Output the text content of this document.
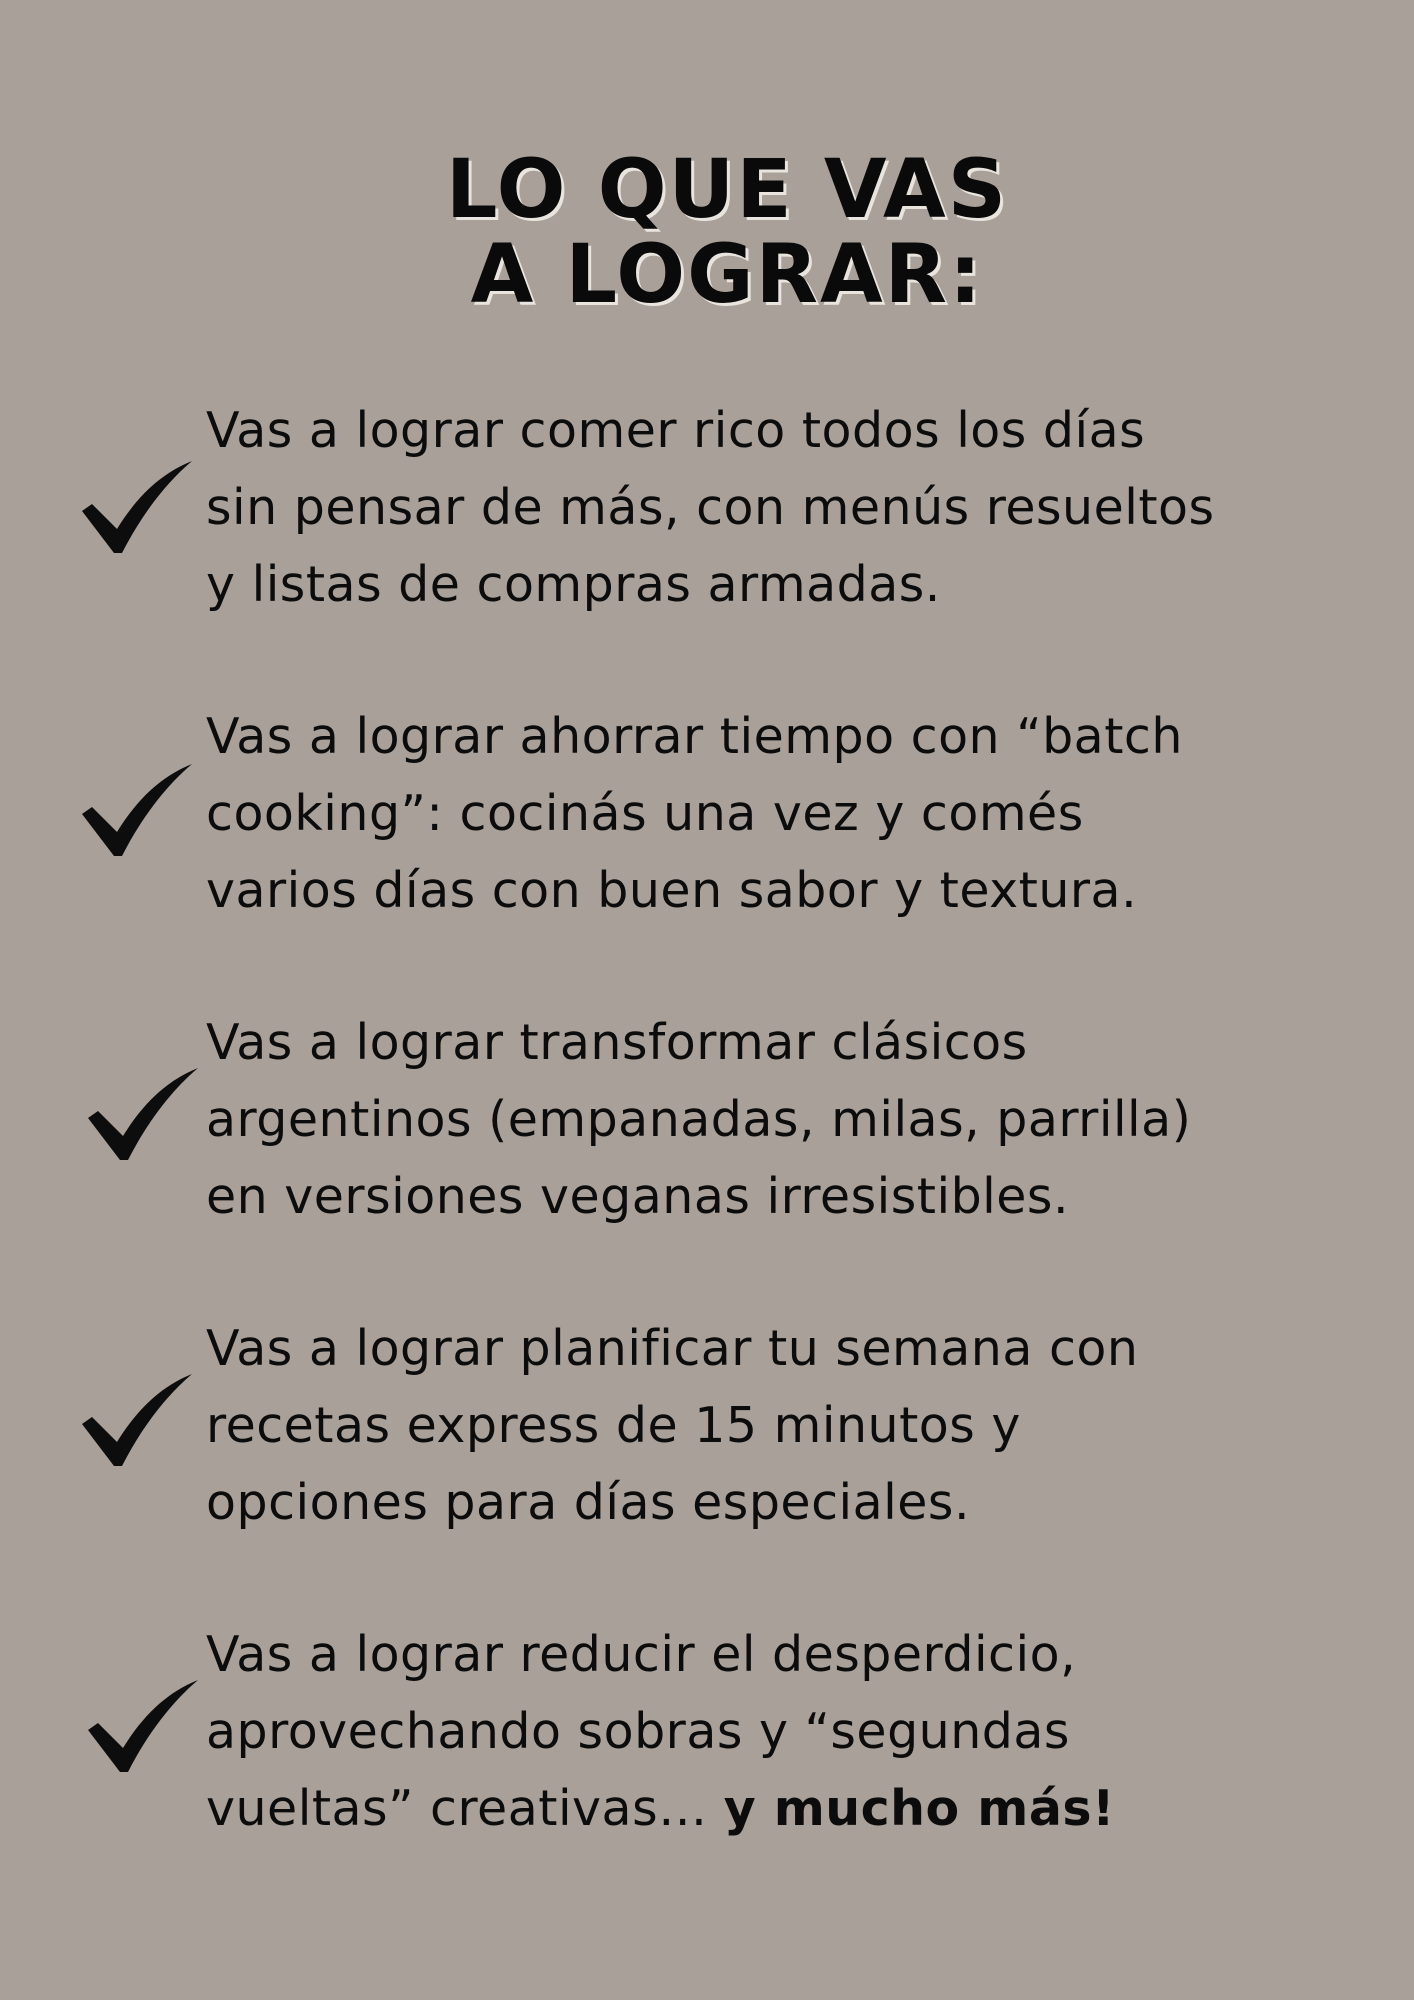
LO QUE VAS
A LOGRAR:

Vas a lograr comer rico todos los días
sin pensar de más, con menús resueltos
y listas de compras armadas.

Vas a lograr ahorrar tiempo con “batch
cooking”: cocinás una vez y comés
varios días con buen sabor y textura.

Vas a lograr transformar clásicos
argentinos (empanadas, milas, parrilla)
en versiones veganas irresistibles.

Vas a lograr planificar tu semana con
recetas express de 15 minutos y
opciones para días especiales.

Vas a lograr reducir el desperdicio,
aprovechando sobras y “segundas
vueltas” creativas… y mucho más!
